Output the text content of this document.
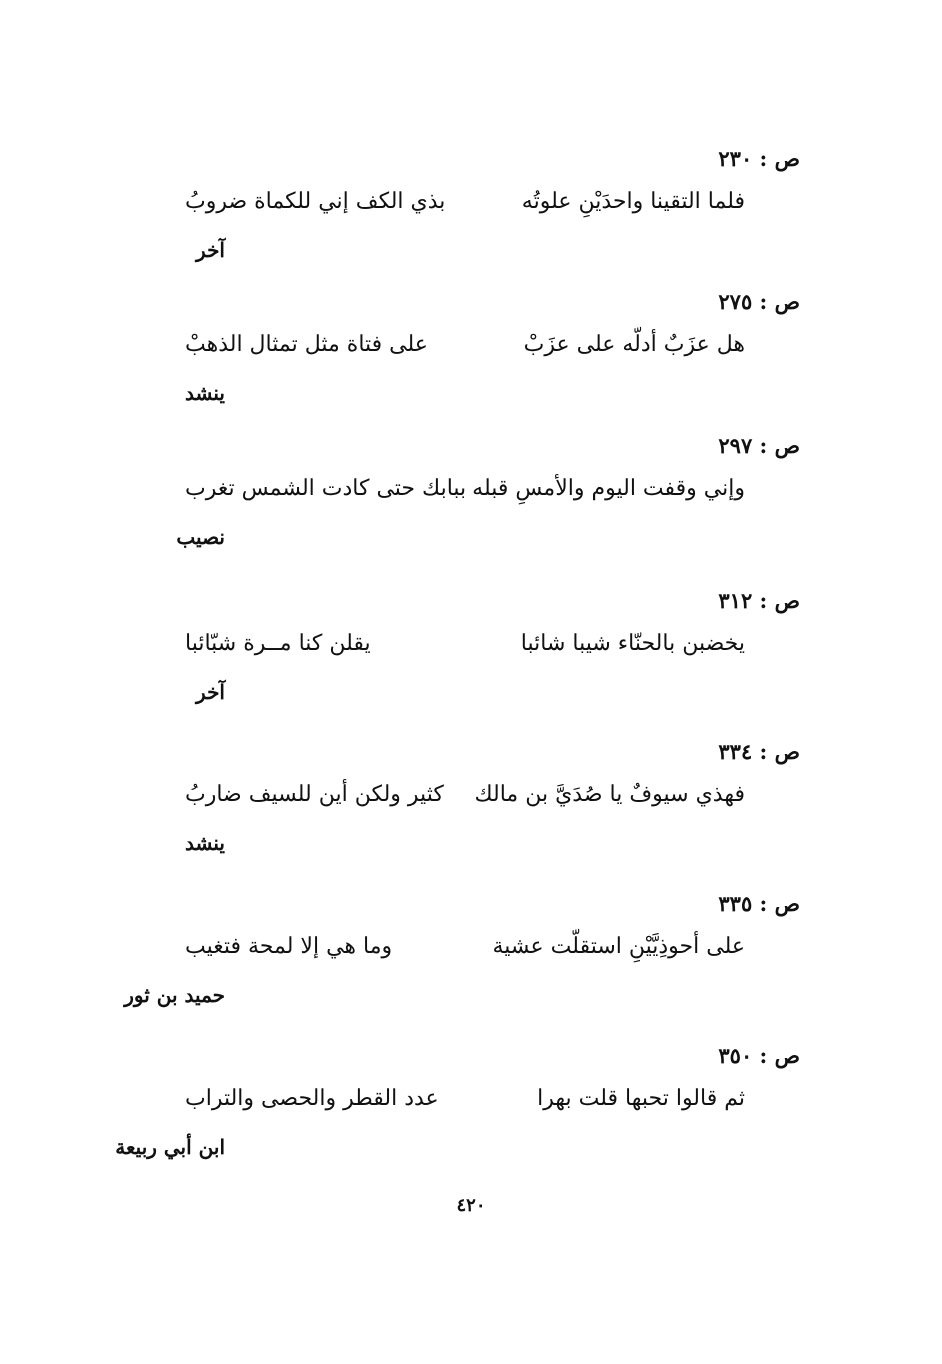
ص : ٢٣٠
فلما التقينا واحدَيْنِ علوتُه
بذي الكف إني للكماة ضروبُ
آخر
ص : ٢٧٥
هل عزَبٌ أدلّه على عزَبْ
على فتاة مثل تمثال الذهبْ
ينشد
ص : ٢٩٧
وإني وقفت اليوم والأمسِ قبله
ببابك حتى كادت الشمس تغرب
نصيب
ص : ٣١٢
يخضبن بالحنّاء شيبا شائبا
يقلن كنا مــرة شبّائبا
آخر
ص : ٣٣٤
فهذي سيوفٌ يا صُدَيَّ بن مالك
كثير ولكن أين للسيف ضاربُ
ينشد
ص : ٣٣٥
على أحوذِيَّيْنِ استقلّت عشية
وما هي إلا لمحة فتغيب
حميد بن ثور
ص : ٣٥٠
ثم قالوا تحبها قلت بهرا
عدد القطر والحصى والتراب
ابن أبي ربيعة
٤٢٠
